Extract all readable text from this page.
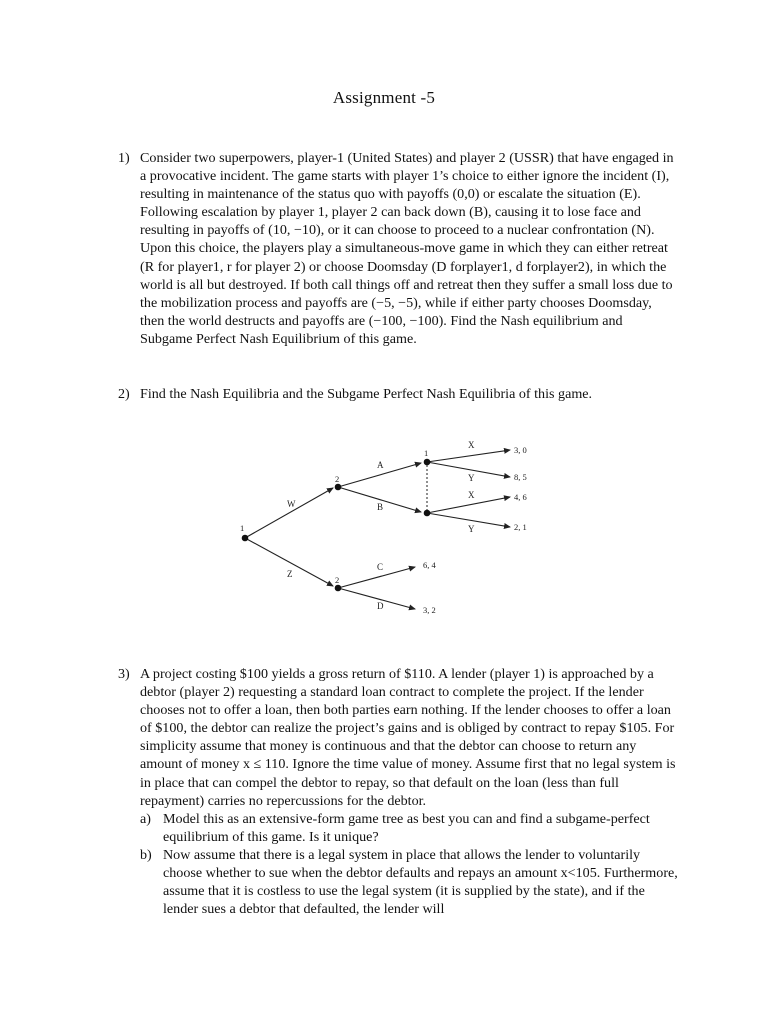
Assignment -5
1) Consider two superpowers, player-1 (United States) and player 2 (USSR) that have engaged in a provocative incident. The game starts with player 1’s choice to either ignore the incident (I), resulting in maintenance of the status quo with payoffs (0,0) or escalate the situation (E). Following escalation by player 1, player 2 can back down (B), causing it to lose face and resulting in payoffs of (10, −10), or it can choose to proceed to a nuclear confrontation (N). Upon this choice, the players play a simultaneous-move game in which they can either retreat (R for player1, r for player 2) or choose Doomsday (D forplayer1, d forplayer2), in which the world is all but destroyed. If both call things off and retreat then they suffer a small loss due to the mobilization process and payoffs are (−5, −5), while if either party chooses Doomsday, then the world destructs and payoffs are (−100, −100). Find the Nash equilibrium and Subgame Perfect Nash Equilibrium of this game.
2) Find the Nash Equilibria and the Subgame Perfect Nash Equilibria of this game.
1
2
2
1
W
Z
A
B
C
D
X
Y
X
Y
3, 0
8, 5
4, 6
2, 1
6, 4
3, 2
3) A project costing $100 yields a gross return of $110. A lender (player 1) is approached by a debtor (player 2) requesting a standard loan contract to complete the project. If the lender chooses not to offer a loan, then both parties earn nothing. If the lender chooses to offer a loan of $100, the debtor can realize the project’s gains and is obliged by contract to repay $105. For simplicity assume that money is continuous and that the debtor can choose to return any amount of money x ≤ 110. Ignore the time value of money. Assume first that no legal system is in place that can compel the debtor to repay, so that default on the loan (less than full repayment) carries no repercussions for the debtor.
a) Model this as an extensive-form game tree as best you can and find a subgame-perfect equilibrium of this game. Is it unique?
b) Now assume that there is a legal system in place that allows the lender to voluntarily choose whether to sue when the debtor defaults and repays an amount x<105. Furthermore, assume that it is costless to use the legal system (it is supplied by the state), and if the lender sues a debtor that defaulted, the lender will
